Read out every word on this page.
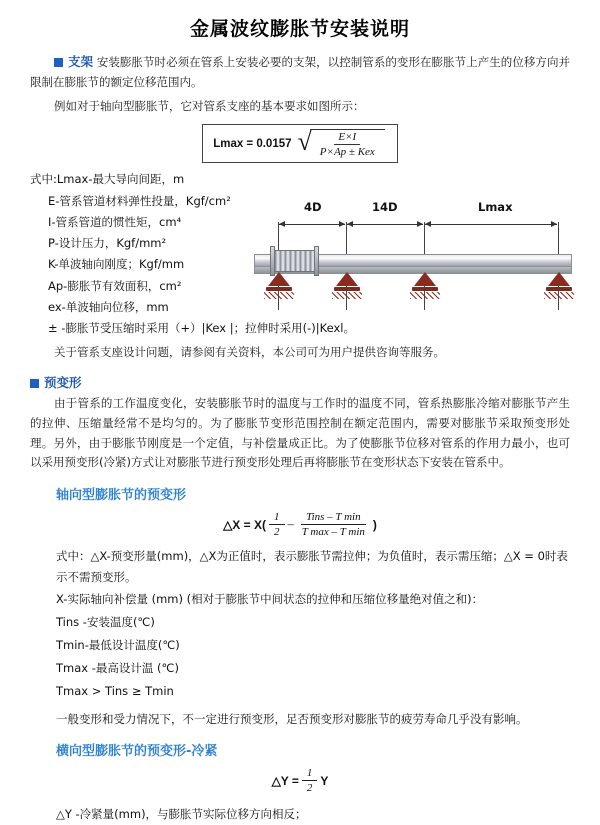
金属波纹膨胀节安装说明
支架 安装膨胀节时必须在管系上安装必要的支架，以控制管系的变形在膨胀节上产生的位移方向并限制在膨胀节的额定位移范围内。
例如对于轴向型膨胀节，它对管系支座的基本要求如图所示：
Lmax = 0.0157 √ $\frac{E\times I}{\text{P×Ap ± Kex}}$
4D	14D	Lmax
式中:Lmax-最大导向间距，m
E-管系管道材料弹性投量，Kgf/cm²
I-管系管道的惯性矩，cm⁴
P-设计压力，Kgf/mm²
K-单波轴向刚度；Kgf/mm
Ap-膨胀节有效面积，cm²
ex-单波轴向位移，mm
± -膨胀节受压缩时采用（+）|Kex |；拉伸时采用(-)|Kexl。
关于管系支座设计问题，请参阅有关资料，本公司可为用户提供咨询等服务。
预变形
由于管系的工作温度变化，安装膨胀节时的温度与工作时的温度不同，管系热膨胀冷缩对膨胀节产生的拉伸、压缩量经常不是均匀的。为了膨胀节变形范围控制在额定范围内，需要对膨胀节采取预变形处理。另外，由于膨胀节刚度是一个定值，与补偿量成正比。为了使膨胀节位移对管系的作用力最小，也可以采用预变形(冷紧)方式让对膨胀节进行预变形处理后再将膨胀节在变形状态下安装在管系中。
轴向型膨胀节的预变形
△X = $X( \frac{1}{2} - \frac{\text{Tins – T min}}{\text{T max – T min}}$ )
式中：△X-预变形量(mm)，△X为正值时，表示膨胀节需拉伸；为负值时，表示需压缩；△X = 0时表示不需预变形。
X-实际轴向补偿量 (mm) (相对于膨胀节中间状态的拉伸和压缩位移量绝对值之和)：
Tins -安装温度(℃)
Tmin-最低设计温度(℃)
Tmax -最高设计温 (℃)
Tmax > Tins ≥ Tmin
一般变形和受力情况下，不一定进行预变形，足否预变形对膨胀节的疲劳寿命几乎没有影响。
横向型膨胀节的预变形-冷紧
△Y = $\frac{1}{2}$ Y
△Y -冷紧量(mm)，与膨胀节实际位移方向相反；
